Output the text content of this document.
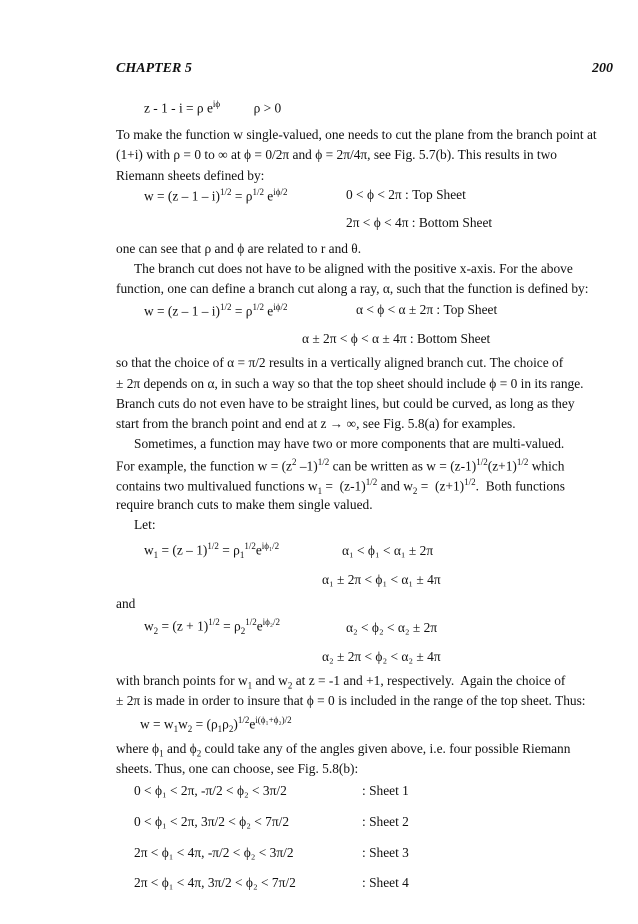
CHAPTER 5	200
z - 1 - i = ρ $e^{i\phi}$          ρ > 0
To make the function w single-valued, one needs to cut the plane from the branch point at
(1+i) with ρ = 0 to ∞ at ϕ = 0/2π and ϕ = 2π/4π, see Fig. 5.7(b). This results in two
Riemann sheets defined by:
$w = (z - 1 - i)^{1/2} = \rho^{1/2}$ $e^{i\phi/2}$	0 < ϕ < 2π : Top Sheet
2π < ϕ < 4π : Bottom Sheet
one can see that ρ and ϕ are related to r and θ.
The branch cut does not have to be aligned with the positive x-axis. For the above
function, one can define a branch cut along a ray, α, such that the function is defined by:
$w = (z - 1 - i)^{1/2} = \rho^{1/2}$ $e^{i\phi/2}$	α < ϕ < α ± 2π : Top Sheet
α ± 2π < ϕ < α ± 4π : Bottom Sheet
so that the choice of α = π/2 results in a vertically aligned branch cut. The choice of
± 2π depends on α, in such a way so that the top sheet should include ϕ = 0 in its range.
Branch cuts do not even have to be straight lines, but could be curved, as long as they
start from the branch point and end at z → ∞, see Fig. 5.8(a) for examples.
Sometimes, a function may have two or more components that are multi-valued.
For example, the function $w = (z^2$ –1)$^{1/2}$ can be written as $w = (z-1)^{1/2}(z+1)^{1/2}$ which
contains two multivalued functions $w_1 = (z-1)^{1/2}$ and $w_2 = (z+1)^{1/2}$.  Both functions
require branch cuts to make them single valued.
Let:
$w_1 = (z - 1)^{1/2} = \rho_1^{1/2}e^{i\phi_1/2}$	α₁ < ϕ₁ < α₁ ± 2π
α₁ ± 2π < ϕ₁ < α₁ ± 4π
and
$w_2 = (z + 1)^{1/2} = \rho_2^{1/2}e^{i\phi_2/2}$	α₂ < ϕ₂ < α₂ ± 2π
α₂ ± 2π < ϕ₂ < α₂ ± 4π
with branch points for $w_1$ and $w_2$ at z = -1 and +1, respectively.  Again the choice of
± 2π is made in order to insure that ϕ = 0 is included in the range of the top sheet. Thus:
$w = w_1w_2 = (\rho_1\rho_2)^{1/2}e^{i(\phi_1+\phi_2)/2}$
where $\phi_1$ and $\phi_2$ could take any of the angles given above, i.e. four possible Riemann
sheets. Thus, one can choose, see Fig. 5.8(b):
0 < ϕ₁ < 2π, -π/2 < ϕ₂ < 3π/2	: Sheet 1
0 < ϕ₁ < 2π, 3π/2 < ϕ₂ < 7π/2	: Sheet 2
2π < ϕ₁ < 4π, -π/2 < ϕ₂ < 3π/2	: Sheet 3
2π < ϕ₁ < 4π, 3π/2 < ϕ₂ < 7π/2	: Sheet 4
